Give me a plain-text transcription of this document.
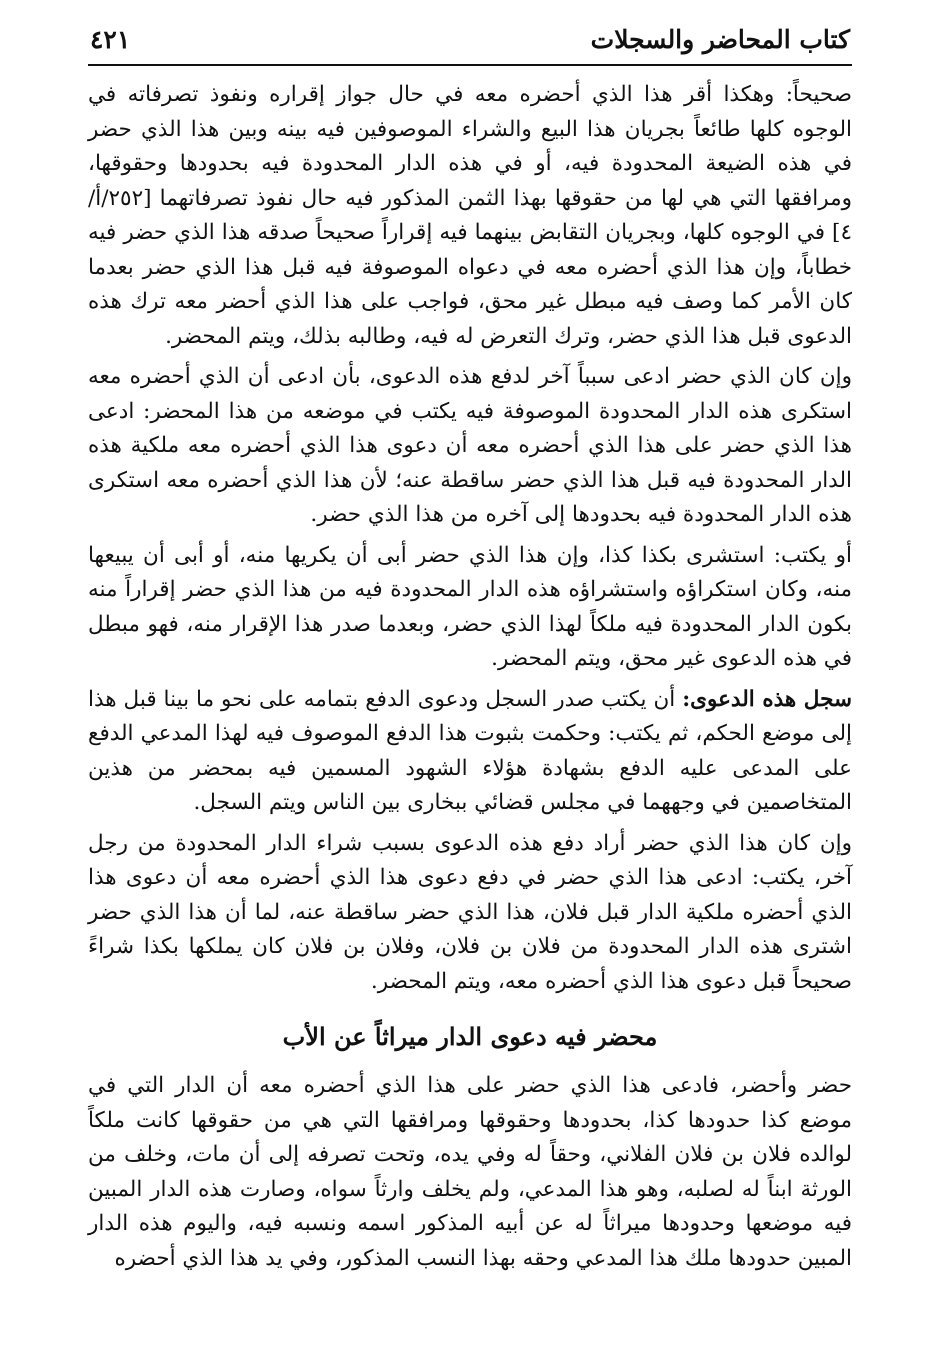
كتاب المحاضر والسجلات
٤٢١

صحيحاً: وهكذا أقر هذا الذي أحضره معه في حال جواز إقراره ونفوذ تصرفاته في الوجوه كلها طائعاً بجريان هذا البيع والشراء الموصوفين فيه بينه وبين هذا الذي حضر في هذه الضيعة المحدودة فيه، أو في هذه الدار المحدودة فيه بحدودها وحقوقها، ومرافقها التي هي لها من حقوقها بهذا الثمن المذكور فيه حال نفوذ تصرفاتهما [٢٥٢/أ/٤] في الوجوه كلها، وبجريان التقابض بينهما فيه إقراراً صحيحاً صدقه هذا الذي حضر فيه خطاباً، وإن هذا الذي أحضره معه في دعواه الموصوفة فيه قبل هذا الذي حضر بعدما كان الأمر كما وصف فيه مبطل غير محق، فواجب على هذا الذي أحضر معه ترك هذه الدعوى قبل هذا الذي حضر، وترك التعرض له فيه، وطالبه بذلك، ويتم المحضر.

وإن كان الذي حضر ادعى سبباً آخر لدفع هذه الدعوى، بأن ادعى أن الذي أحضره معه استكرى هذه الدار المحدودة الموصوفة فيه يكتب في موضعه من هذا المحضر: ادعى هذا الذي حضر على هذا الذي أحضره معه أن دعوى هذا الذي أحضره معه ملكية هذه الدار المحدودة فيه قبل هذا الذي حضر ساقطة عنه؛ لأن هذا الذي أحضره معه استكرى هذه الدار المحدودة فيه بحدودها إلى آخره من هذا الذي حضر.

أو يكتب: استشرى بكذا كذا، وإن هذا الذي حضر أبى أن يكريها منه، أو أبى أن يبيعها منه، وكان استكراؤه واستشراؤه هذه الدار المحدودة فيه من هذا الذي حضر إقراراً منه بكون الدار المحدودة فيه ملكاً لهذا الذي حضر، وبعدما صدر هذا الإقرار منه، فهو مبطل في هذه الدعوى غير محق، ويتم المحضر.

سجل هذه الدعوى: أن يكتب صدر السجل ودعوى الدفع بتمامه على نحو ما بينا قبل هذا إلى موضع الحكم، ثم يكتب: وحكمت بثبوت هذا الدفع الموصوف فيه لهذا المدعي الدفع على المدعى عليه الدفع بشهادة هؤلاء الشهود المسمين فيه بمحضر من هذين المتخاصمين في وجههما في مجلس قضائي ببخارى بين الناس ويتم السجل.

وإن كان هذا الذي حضر أراد دفع هذه الدعوى بسبب شراء الدار المحدودة من رجل آخر، يكتب: ادعى هذا الذي حضر في دفع دعوى هذا الذي أحضره معه أن دعوى هذا الذي أحضره ملكية الدار قبل فلان، هذا الذي حضر ساقطة عنه، لما أن هذا الذي حضر اشترى هذه الدار المحدودة من فلان بن فلان، وفلان بن فلان كان يملكها بكذا شراءً صحيحاً قبل دعوى هذا الذي أحضره معه، ويتم المحضر.

محضر فيه دعوى الدار ميراثاً عن الأب

حضر وأحضر، فادعى هذا الذي حضر على هذا الذي أحضره معه أن الدار التي في موضع كذا حدودها كذا، بحدودها وحقوقها ومرافقها التي هي من حقوقها كانت ملكاً لوالده فلان بن فلان الفلاني، وحقاً له وفي يده، وتحت تصرفه إلى أن مات، وخلف من الورثة ابناً له لصلبه، وهو هذا المدعي، ولم يخلف وارثاً سواه، وصارت هذه الدار المبين فيه موضعها وحدودها ميراثاً له عن أبيه المذكور اسمه ونسبه فيه، واليوم هذه الدار المبين حدودها ملك هذا المدعي وحقه بهذا النسب المذكور، وفي يد هذا الذي أحضره
